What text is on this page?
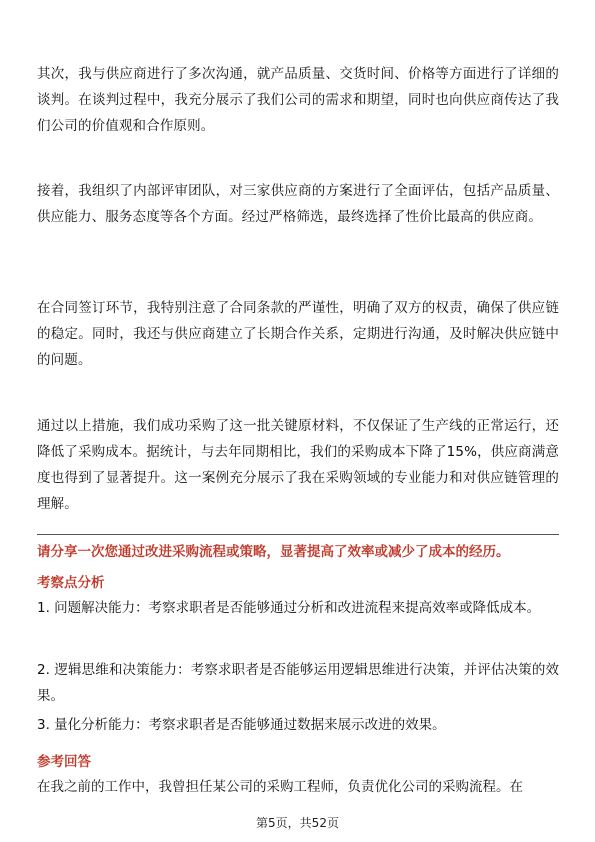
其次，我与供应商进行了多次沟通，就产品质量、交货时间、价格等方面进行了详细的谈判。在谈判过程中，我充分展示了我们公司的需求和期望，同时也向供应商传达了我们公司的价值观和合作原则。

接着，我组织了内部评审团队，对三家供应商的方案进行了全面评估，包括产品质量、供应能力、服务态度等各个方面。经过严格筛选，最终选择了性价比最高的供应商。

在合同签订环节，我特别注意了合同条款的严谨性，明确了双方的权责，确保了供应链的稳定。同时，我还与供应商建立了长期合作关系，定期进行沟通，及时解决供应链中的问题。

通过以上措施，我们成功采购了这一批关键原材料，不仅保证了生产线的正常运行，还降低了采购成本。据统计，与去年同期相比，我们的采购成本下降了15%，供应商满意度也得到了显著提升。这一案例充分展示了我在采购领域的专业能力和对供应链管理的理解。

请分享一次您通过改进采购流程或策略，显著提高了效率或减少了成本的经历。
考察点分析

1. 问题解决能力：考察求职者是否能够通过分析和改进流程来提高效率或降低成本。

2. 逻辑思维和决策能力：考察求职者是否能够运用逻辑思维进行决策，并评估决策的效果。

3. 量化分析能力：考察求职者是否能够通过数据来展示改进的效果。

参考回答

在我之前的工作中，我曾担任某公司的采购工程师，负责优化公司的采购流程。在

第5页，共52页
